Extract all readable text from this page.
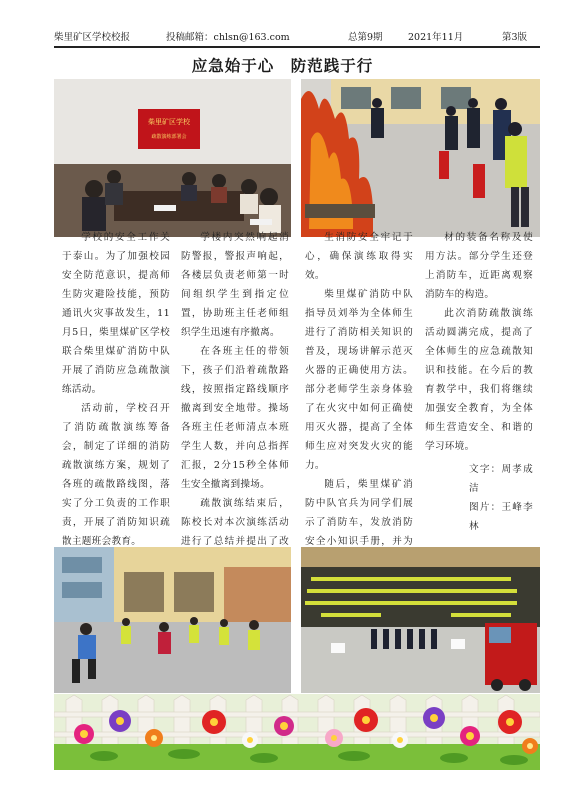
柴里矿区学校校报	投稿邮箱：chlsn@163.com	总第9期	2021年11月	第3版
应急始于心　防范践于行
柴里矿区学校
疏散演练部署会

学校的安全工作关于泰山。为了加强校园安全防范意识，提高师生防灾避险技能，预防通讯火灾事故发生，11月5日，柴里煤矿区学校联合柴里煤矿消防中队开展了消防应急疏散演练活动。

活动前，学校召开了消防疏散演练筹备会，制定了详细的消防疏散演练方案，规划了各班的疏散路线图，落实了分工负责的工作职责，开展了消防知识疏散主题班会教育。

学楼内突然响起消防警报，警报声响起，各楼层负责老师第一时间组织学生到指定位置，协助班主任老师组织学生迅速有序撤离。

在各班主任的带领下，孩子们沿着疏散路线，按照指定路线顺序撤离到安全地带。操场各班主任老师清点本班学生人数，并向总指挥汇报，2分15秒全体师生安全撤离到操场。

疏散演练结束后，陈校长对本次演练活动进行了总结并提出了改

生消防安全牢记于心，确保演练取得实效。

柴里煤矿消防中队指导员刘举为全体师生进行了消防相关知识的普及，现场讲解示范灭火器的正确使用方法。部分老师学生亲身体验了在火灾中如何正确使用灭火器，提高了全体师生应对突发火灾的能力。

随后，柴里煤矿消防中队官兵为同学们展示了消防车，发放消防安全小知识手册，并为

材的装备名称及使用方法。部分学生还登上消防车，近距离观察消防车的构造。

此次消防疏散演练活动圆满完成，提高了全体师生的应急疏散知识和技能。在今后的教育教学中，我们将继续加强安全教育，为全体师生营造安全、和谐的学习环境。

文字：周孝成洁

图片：王峰李林
